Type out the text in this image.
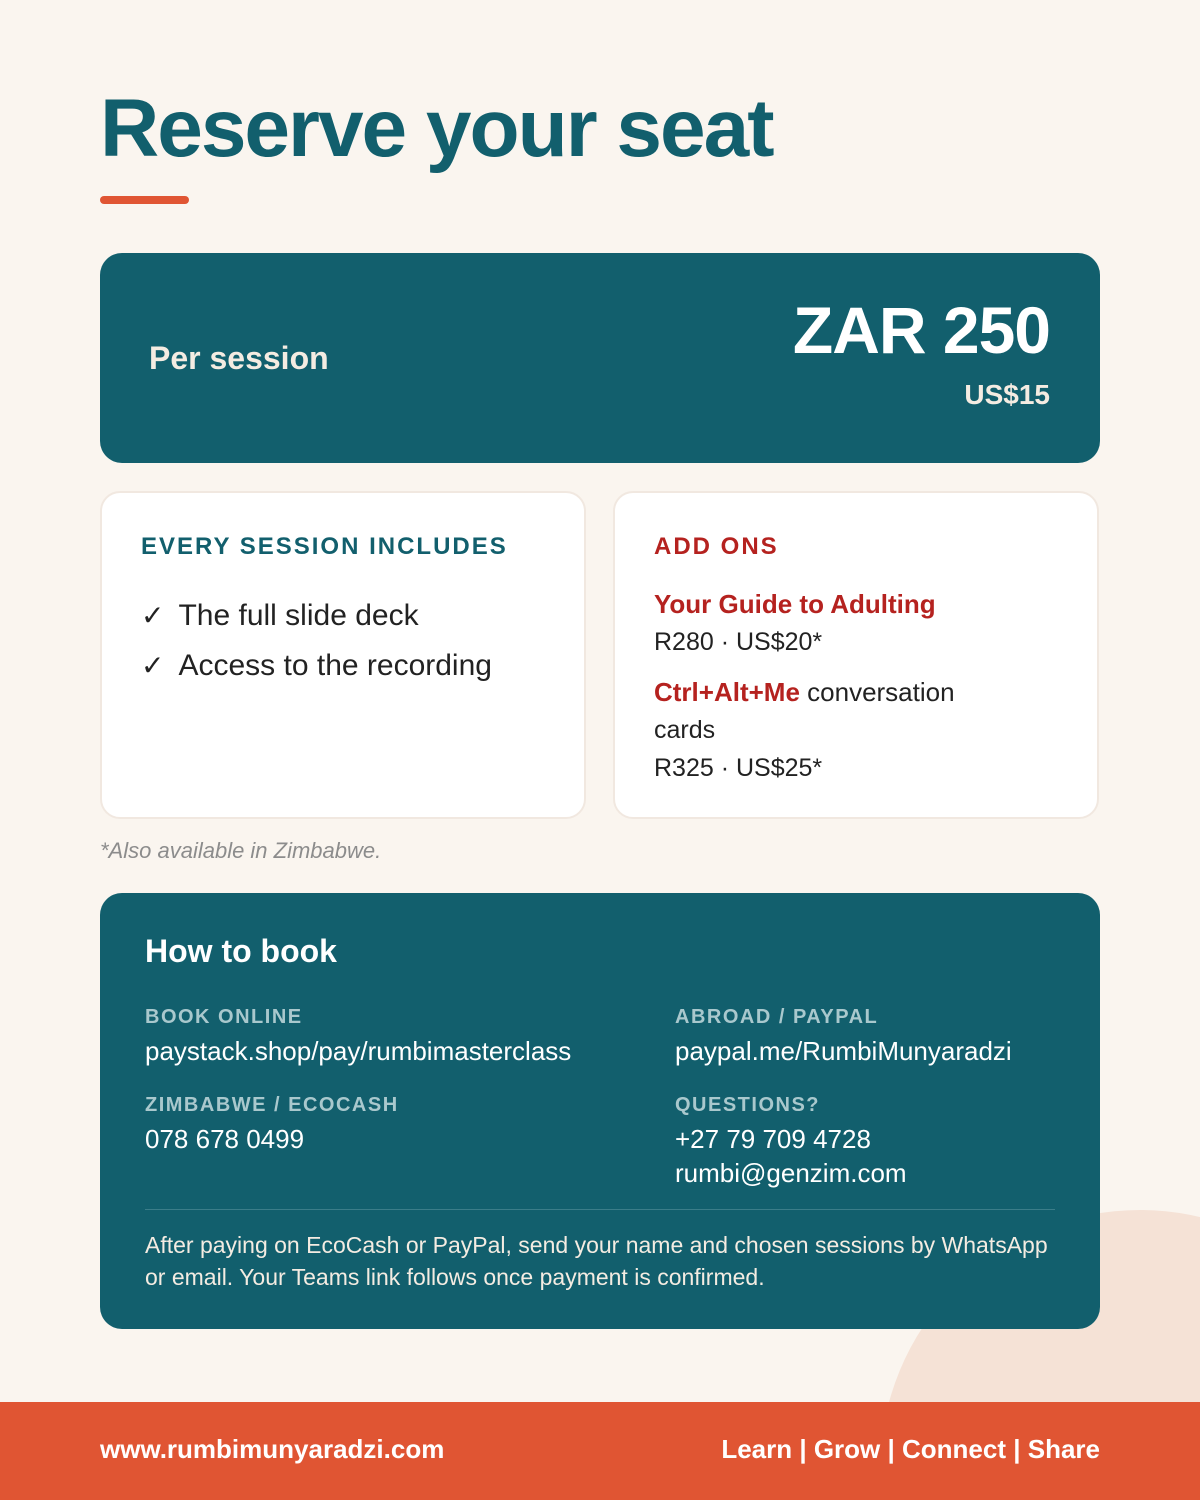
Reserve your seat
Per session	ZAR 250
US$15
EVERY SESSION INCLUDES
✓ The full slide deck
✓ Access to the recording
ADD ONS
Your Guide to Adulting
R280 · US$20*
Ctrl+Alt+Me conversation
cards
R325 · US$25*
*Also available in Zimbabwe.
How to book
BOOK ONLINE
paystack.shop/pay/rumbimasterclass
ABROAD / PAYPAL
paypal.me/RumbiMunyaradzi
ZIMBABWE / ECOCASH
078 678 0499
QUESTIONS?
+27 79 709 4728
rumbi@genzim.com

After paying on EcoCash or PayPal, send your name and chosen sessions by WhatsApp or email. Your Teams link follows once payment is confirmed.

www.rumbimunyaradzi.com	Learn | Grow | Connect | Share
